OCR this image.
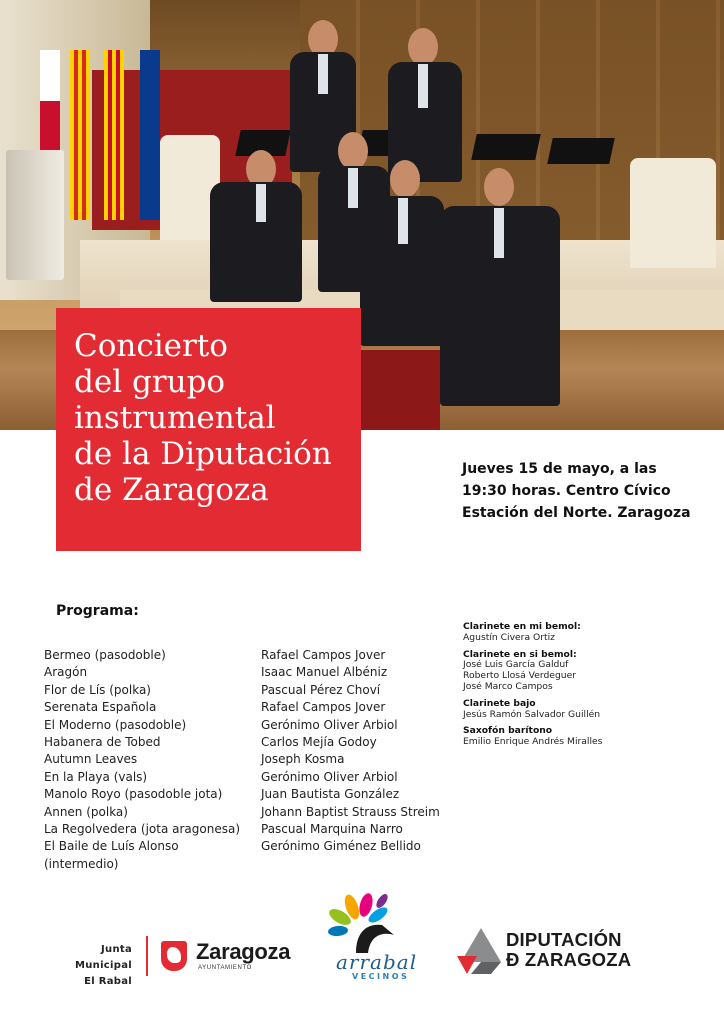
Concierto
del grupo
instrumental
de la Diputación
de Zaragoza
Jueves 15 de mayo, a las
19:30 horas. Centro Cívico
Estación del Norte. Zaragoza
Programa:
Bermeo (pasodoble)
Aragón
Flor de Lís (polka)
Serenata Española
El Moderno (pasodoble)
Habanera de Tobed
Autumn Leaves
En la Playa (vals)
Manolo Royo (pasodoble jota)
Annen (polka)
La Regolvedera (jota aragonesa)
El Baile de Luís Alonso (intermedio)
Rafael Campos Jover
Isaac Manuel Albéniz
Pascual Pérez Choví
Rafael Campos Jover
Gerónimo Oliver Arbiol
Carlos Mejía Godoy
Joseph Kosma
Gerónimo Oliver Arbiol
Juan Bautista González
Johann Baptist Strauss Streim
Pascual Marquina Narro
Gerónimo Giménez Bellido
Clarinete en mi bemol:
Agustín Civera Ortiz
Clarinete en si bemol:
José Luis García Galduf
Roberto Llosá Verdeguer
José Marco Campos
Clarinete bajo
Jesús Ramón Salvador Guillén
Saxofón barítono
Emilio Enrique Andrés Miralles
Junta Municipal
El Rabal
Zaragoza
AYUNTAMIENTO	arrabal
VECINOS
DIPUTACIÓN
Ð ZARAGOZA
